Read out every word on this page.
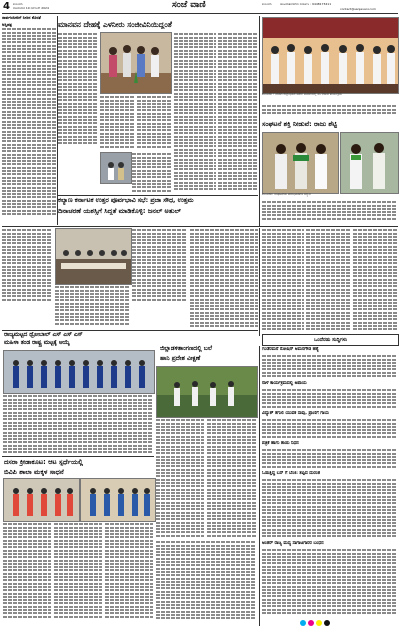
4 ಕಲಬುರಗಿ
ಸೋಮವಾರ 19 ನವೆಂಬರ್ 2024	ಸಂಜೆ ವಾಣಿ	ಕಲಬುರಗಿ	ಜಾಹೀರಾತುಗಳಿಗಾಗಿ ಸಂಪರ್ಕಿಸಿ : 9448173411
contact@sanjevani.com
ಸಾರ್ವಜನಿಕರಿಗೆ ನೀರಿನ ಕೊರತೆ
ಆಸ್ತಿಪತ್ರ	ಮಾನವನ ದೇಹಕ್ಕೆ ಎಳನೀರು ಸಂಜೀವಿನಿಯಿದ್ದಂತೆ
ಕಲಬುರಗಿ : ನಗರದ ಜಿಲ್ಲಾಧಿಕಾರಿ ಕಚೇರಿ ಆವರಣದಲ್ಲಿ ಸಸಿ ನೆಡುವ ಕಾರ್ಯಕ್ರಮ
ಸಂಘಟನೆ ಶಕ್ತಿ ನೀಡುವೆ: ರಾಜು ಶೆಟ್ಟಿ
ಕಲಬುರಗಿ: ಸಂಘಟನೆಯ ಪದಾಧಿಕಾರಿಗಳ ಸನ್ಮಾನ
ಕಲ್ಯಾಣ ಕರ್ನಾಟಕ ಉತ್ತರ ಪೂರ್ವಭಾವಿ ಸಭೆ: ಪ್ರಜಾ ಸೌಧ, ಉತ್ತಮ
ದಿನಾಚರಣೆ ಯಶಸ್ಸಿಗೆ ಸಿದ್ಧತೆ ಮಾಡಿಕೊಳ್ಳಿ: ಜನಲ್ ಅತುಲ್
ಒಂದೆರಡು ಸುದ್ದಿಗಳು
ರಾಜ್ಯಮಟ್ಟದ ಥ್ರೋಬಾಲ್ ಎಸ್ ಎಸ್ ಎಸ್
ಮಹಿಳಾ ತಂಡ ರಾಷ್ಟ್ರ ಮಟ್ಟಕ್ಕೆ ಆಯ್ಕೆ
ಜಿಲ್ಲಾಡಳಿತಾಂಗಣದಲ್ಲಿ ಬಲೆ
ಹಾನಿ ಪ್ರದೇಶ ವೀಕ್ಷಣೆ
ಗಂಡೆರಮನೆ ರೋಷಿನ್ ಅಮರಗೌಡ ಹತ್ಯೆ
ನಾಳೆ ಕಾರ್ಯಕ್ರಮದಲ್ಲಿ ಅಪಾಯ
ವಿದ್ಯುತ್ ತಗುಲಿ ಯುವಕ ಸಾವು, ಪ್ರಾಣಿಗೆ ಗಾಯ
ಪತ್ರಿಕೆ ಹಾಗು ತಾಯಿ ನಿಧನ
ಓಡುತ್ತಿದ್ದ ಬಸ್ ಗೆ ಬೆಂಕಿ: ತಪ್ಪಿದ ದುರಂತ
ಅಂತರ್ ರಾಜ್ಯ ಮದ್ಯ ಸಾಗಾಟಗಾರರ ಬಂಧನ
ದಸರಾ ಕ್ರೀಡಾಕೂಟ: ಆಟ ಸ್ಪರ್ಧೆಯಲ್ಲಿ
ಬಿವಿಪಿ ಶಾಲಾ ಮಕ್ಕಳ ಸಾಧನೆ
